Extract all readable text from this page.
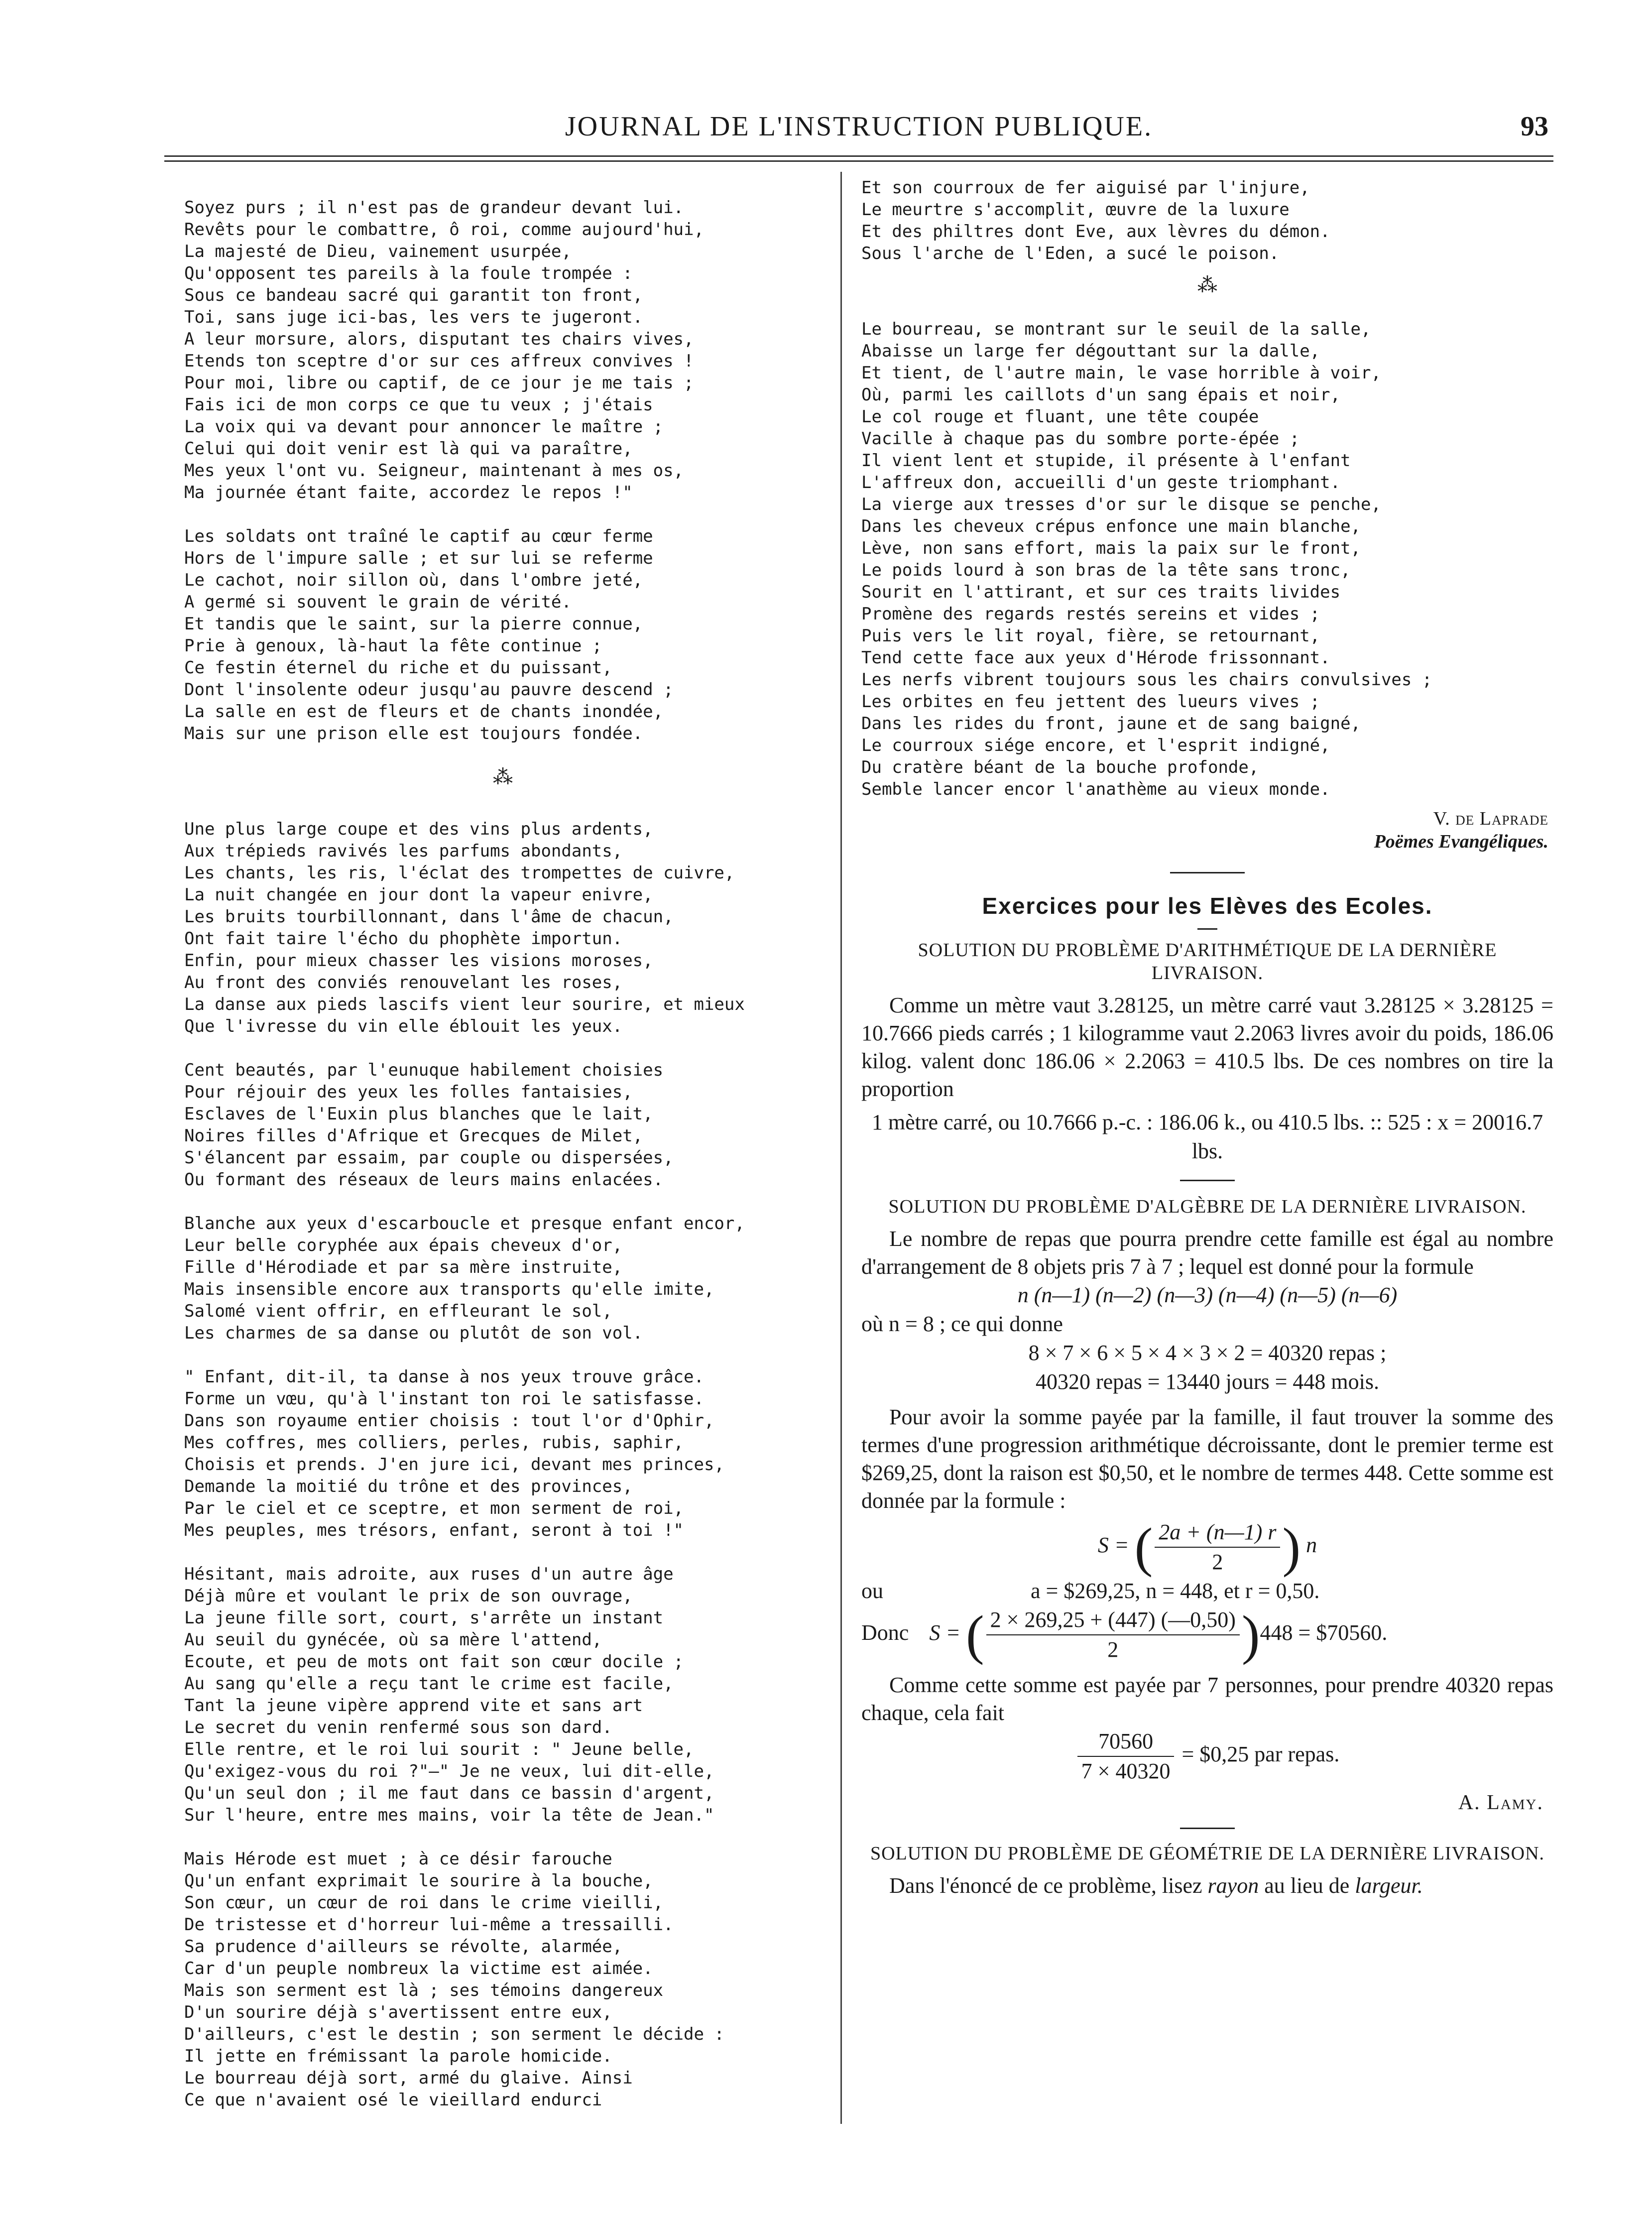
JOURNAL DE L'INSTRUCTION PUBLIQUE.	93
Soyez purs ; il n'est pas de grandeur devant lui.
Revêts pour le combattre, ô roi, comme aujourd'hui,
La majesté de Dieu, vainement usurpée,
Qu'opposent tes pareils à la foule trompée :
Sous ce bandeau sacré qui garantit ton front,
Toi, sans juge ici-bas, les vers te jugeront.
A leur morsure, alors, disputant tes chairs vives,
Etends ton sceptre d'or sur ces affreux convives !
Pour moi, libre ou captif, de ce jour je me tais ;
Fais ici de mon corps ce que tu veux ; j'étais
La voix qui va devant pour annoncer le maître ;
Celui qui doit venir est là qui va paraître,
Mes yeux l'ont vu. Seigneur, maintenant à mes os,
Ma journée étant faite, accordez le repos !"
Les soldats ont traîné le captif au cœur ferme
Hors de l'impure salle ; et sur lui se referme
Le cachot, noir sillon où, dans l'ombre jeté,
A germé si souvent le grain de vérité.
Et tandis que le saint, sur la pierre connue,
Prie à genoux, là-haut la fête continue ;
Ce festin éternel du riche et du puissant,
Dont l'insolente odeur jusqu'au pauvre descend ;
La salle en est de fleurs et de chants inondée,
Mais sur une prison elle est toujours fondée.
⁂
Une plus large coupe et des vins plus ardents,
Aux trépieds ravivés les parfums abondants,
Les chants, les ris, l'éclat des trompettes de cuivre,
La nuit changée en jour dont la vapeur enivre,
Les bruits tourbillonnant, dans l'âme de chacun,
Ont fait taire l'écho du phophète importun.
Enfin, pour mieux chasser les visions moroses,
Au front des conviés renouvelant les roses,
La danse aux pieds lascifs vient leur sourire, et mieux
Que l'ivresse du vin elle éblouit les yeux.
Cent beautés, par l'eunuque habilement choisies
Pour réjouir des yeux les folles fantaisies,
Esclaves de l'Euxin plus blanches que le lait,
Noires filles d'Afrique et Grecques de Milet,
S'élancent par essaim, par couple ou dispersées,
Ou formant des réseaux de leurs mains enlacées.
Blanche aux yeux d'escarboucle et presque enfant encor,
Leur belle coryphée aux épais cheveux d'or,
Fille d'Hérodiade et par sa mère instruite,
Mais insensible encore aux transports qu'elle imite,
Salomé vient offrir, en effleurant le sol,
Les charmes de sa danse ou plutôt de son vol.
" Enfant, dit-il, ta danse à nos yeux trouve grâce.
Forme un vœu, qu'à l'instant ton roi le satisfasse.
Dans son royaume entier choisis : tout l'or d'Ophir,
Mes coffres, mes colliers, perles, rubis, saphir,
Choisis et prends. J'en jure ici, devant mes princes,
Demande la moitié du trône et des provinces,
Par le ciel et ce sceptre, et mon serment de roi,
Mes peuples, mes trésors, enfant, seront à toi !"
Hésitant, mais adroite, aux ruses d'un autre âge
Déjà mûre et voulant le prix de son ouvrage,
La jeune fille sort, court, s'arrête un instant
Au seuil du gynécée, où sa mère l'attend,
Ecoute, et peu de mots ont fait son cœur docile ;
Au sang qu'elle a reçu tant le crime est facile,
Tant la jeune vipère apprend vite et sans art
Le secret du venin renfermé sous son dard.
Elle rentre, et le roi lui sourit : " Jeune belle,
Qu'exigez-vous du roi ?"—" Je ne veux, lui dit-elle,
Qu'un seul don ; il me faut dans ce bassin d'argent,
Sur l'heure, entre mes mains, voir la tête de Jean."
Mais Hérode est muet ; à ce désir farouche
Qu'un enfant exprimait le sourire à la bouche,
Son cœur, un cœur de roi dans le crime vieilli,
De tristesse et d'horreur lui-même a tressailli.
Sa prudence d'ailleurs se révolte, alarmée,
Car d'un peuple nombreux la victime est aimée.
Mais son serment est là ; ses témoins dangereux
D'un sourire déjà s'avertissent entre eux,
D'ailleurs, c'est le destin ; son serment le décide :
Il jette en frémissant la parole homicide.
Le bourreau déjà sort, armé du glaive. Ainsi
Ce que n'avaient osé le vieillard endurci
Et son courroux de fer aiguisé par l'injure,
Le meurtre s'accomplit, œuvre de la luxure
Et des philtres dont Eve, aux lèvres du démon.
Sous l'arche de l'Eden, a sucé le poison.
⁂
Le bourreau, se montrant sur le seuil de la salle,
Abaisse un large fer dégouttant sur la dalle,
Et tient, de l'autre main, le vase horrible à voir,
Où, parmi les caillots d'un sang épais et noir,
Le col rouge et fluant, une tête coupée
Vacille à chaque pas du sombre porte-épée ;
Il vient lent et stupide, il présente à l'enfant
L'affreux don, accueilli d'un geste triomphant.
La vierge aux tresses d'or sur le disque se penche,
Dans les cheveux crépus enfonce une main blanche,
Lève, non sans effort, mais la paix sur le front,
Le poids lourd à son bras de la tête sans tronc,
Sourit en l'attirant, et sur ces traits livides
Promène des regards restés sereins et vides ;
Puis vers le lit royal, fière, se retournant,
Tend cette face aux yeux d'Hérode frissonnant.
Les nerfs vibrent toujours sous les chairs convulsives ;
Les orbites en feu jettent des lueurs vives ;
Dans les rides du front, jaune et de sang baigné,
Le courroux siége encore, et l'esprit indigné,
Du cratère béant de la bouche profonde,
Semble lancer encor l'anathème au vieux monde.
V. de Laprade
Poëmes Evangéliques.
Exercices pour les Elèves des Ecoles.
SOLUTION DU PROBLÈME D'ARITHMÉTIQUE DE LA DERNIÈRE LIVRAISON.

Comme un mètre vaut 3.28125, un mètre carré vaut 3.28125 × 3.28125 = 10.7666 pieds carrés ; 1 kilogramme vaut 2.2063 livres avoir du poids, 186.06 kilog. valent donc 186.06 × 2.2063 = 410.5 lbs. De ces nombres on tire la proportion

1 mètre carré, ou 10.7666 p.-c. : 186.06 k., ou 410.5 lbs. :: 525 : x = 20016.7 lbs.
SOLUTION DU PROBLÈME D'ALGÈBRE DE LA DERNIÈRE LIVRAISON.

Le nombre de repas que pourra prendre cette famille est égal au nombre d'arrangement de 8 objets pris 7 à 7 ; lequel est donné pour la formule

n (n—1) (n—2) (n—3) (n—4) (n—5) (n—6)
où n = 8 ; ce qui donne
8 × 7 × 6 × 5 × 4 × 3 × 2 = 40320 repas ;
40320 repas = 13440 jours = 448 mois.

Pour avoir la somme payée par la famille, il faut trouver la somme des termes d'une progression arithmétique décroissante, dont le premier terme est $269,25, dont la raison est $0,50, et le nombre de termes 448. Cette somme est donnée par la formule :

S = ( $\frac{2a + (n—1) r}{2}$ ) n
ou	a = $269,25, n = 448, et r = 0,50.
Donc S = ( $\frac{2 \times 269,25 + (447) (—0,50)}{2} )448$ = $70560.

Comme cette somme est payée par 7 personnes, pour prendre 40320 repas chaque, cela fait

$\frac{70560}{7 \times 40320}$ = $0,25 par repas.
A. Lamy.
SOLUTION DU PROBLÈME DE GÉOMÉTRIE DE LA DERNIÈRE LIVRAISON.

Dans l'énoncé de ce problème, lisez rayon au lieu de largeur.
